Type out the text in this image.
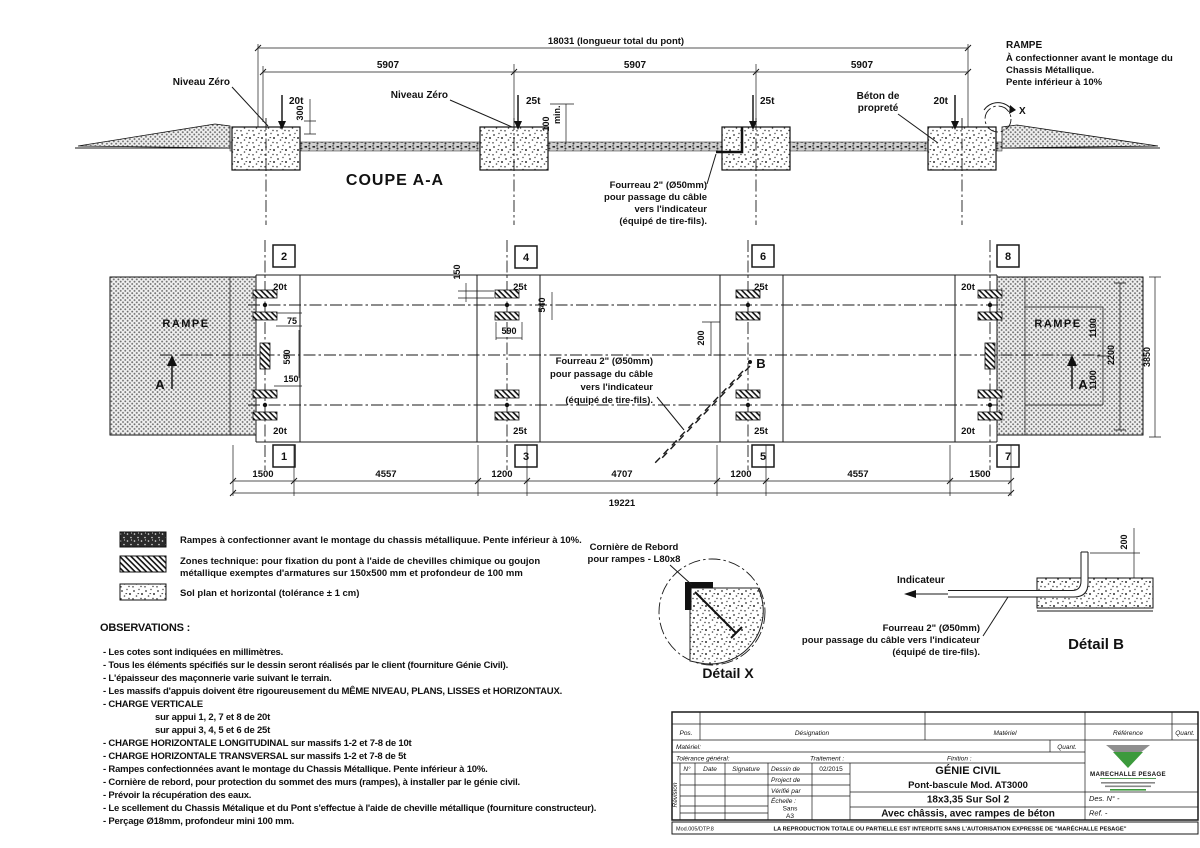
18031 (longueur total du pont)
5907	5907	5907
20t	25t	25t	20t
300
100 min.
Niveau Zéro
Niveau Zéro	Béton de
propreté
RAMPE
À confectionner avant le montage du
Chassis Métallique.
Pente inférieur à 10%
X
COUPE A-A	Fourreau 2" (Ø50mm)
pour passage du câble
vers l'indicateur
(équipé de tire-fils).
2
1
4
3
6
5
8
7
20t
20t
25t
25t
25t
25t
20t
20t
RAMPE	RAMPE
A	A
75
590
150
150
540
590	200
B
Fourreau 2" (Ø50mm)
pour passage du câble
vers l'indicateur
(équipé de tire-fils).
1100
2200
1100
3850
1500	4557	1200	4707	1200	4557	1500
19221
Rampes à confectionner avant le montage du chassis métalliquue. Pente inférieur à 10%.
Zones technique: pour fixation du pont à l'aide de chevilles chimique ou goujon
métallique exemptes d'armatures sur 150x500 mm et profondeur de 100 mm
Sol plan et horizontal (tolérance ± 1 cm)
OBSERVATIONS :
- Les cotes sont indiquées en millimètres.
- Tous les éléments spécifiés sur le dessin seront réalisés par le client (fourniture Génie Civil).
- L'épaisseur des maçonnerie varie suivant le terrain.
- Les massifs d'appuis doivent être rigoureusement du MÊME NIVEAU, PLANS, LISSES et HORIZONTAUX.
- CHARGE VERTICALE
sur appui 1, 2, 7 et 8 de 20t
sur appui 3, 4, 5 et 6 de 25t
- CHARGE HORIZONTALE LONGITUDINAL sur massifs 1-2 et 7-8 de 10t
- CHARGE HORIZONTALE TRANSVERSAL sur massifs 1-2 et 7-8 de 5t
- Rampes confectionnées avant le montage du Chassis Métallique. Pente inférieur à 10%.
- Cornière de rebord, pour protection du sommet des murs (rampes), à installer par le génie civil.
- Prévoir la récupération des eaux.
- Le scellement du Chassis Métalique et du Pont s'effectue à l'aide de cheville métallique (fourniture constructeur).
- Perçage Ø18mm, profondeur mini 100 mm.
Cornière de Rebord
pour rampes - L80x8
Détail X
Indicateur
200
Fourreau 2" (Ø50mm)
pour passage du câble vers l'indicateur
(équipé de tire-fils).	Détail B
Pos.	Désignation	Matériel	Référence	Quant.
Matériel:	Quant.
Tolérance général:	Traitement :	Finition :
Révision
N° Date Signature Dessin de	02/2015
Project de
Vérifié par
Échelle :
Sans
A3
GÉNIE CIVIL
Pont-bascule Mod. AT3000
18x3,35 Sur Sol 2
Avec châssis, avec rampes de béton
MARECHALLE PESAGE
Des. N° -
Ref. -
Mod.005/DTP.8	LA REPRODUCTION TOTALE OU PARTIELLE EST INTERDITE SANS L'AUTORISATION EXPRESSE DE "MARÉCHALLE PESAGE"
